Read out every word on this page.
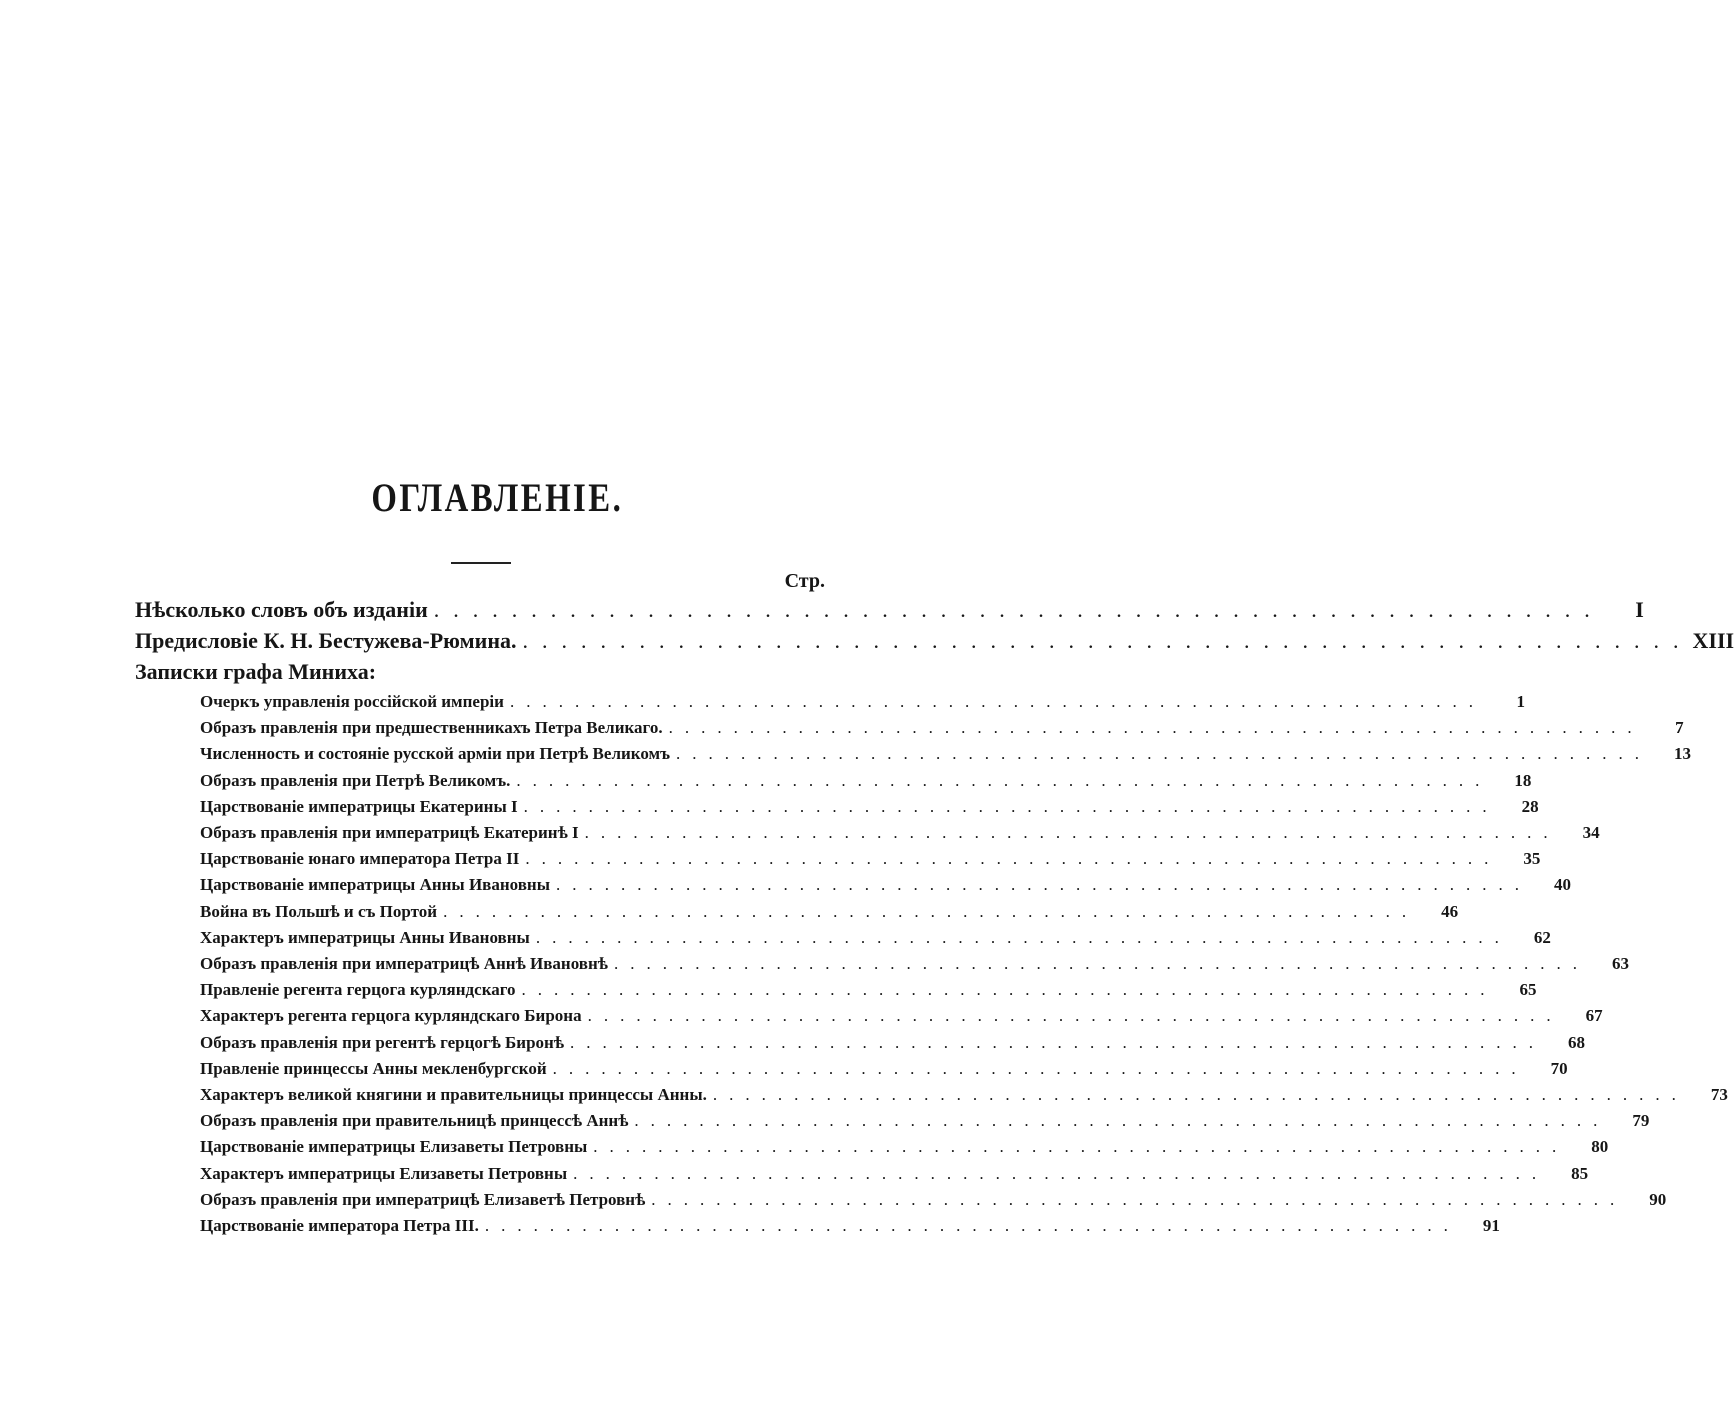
ОГЛАВЛЕНІЕ.
Стр.
Нѣсколько словъ объ изданіи ............................................................	I
Предисловіе К. Н. Бестужева-Рюмина. ............................................................ XIII
Записки графа Миниха:
Очеркъ управленія россійской имперіи ............................................................	1
Образъ правленія при предшественникахъ Петра Великаго. ............................................................	7
Численность и состояніе русской арміи при Петрѣ Великомъ ............................................................	13
Образъ правленія при Петрѣ Великомъ. ............................................................	18
Царствованіе императрицы Екатерины I ............................................................	28
Образъ правленія при императрицѣ Екатеринѣ I ............................................................	34
Царствованіе юнаго императора Петра II ............................................................	35
Царствованіе императрицы Анны Ивановны ............................................................	40
Война въ Польшѣ и съ Портой ............................................................	46
Характеръ императрицы Анны Ивановны ............................................................	62
Образъ правленія при императрицѣ Аннѣ Ивановнѣ ............................................................	63
Правленіе регента герцога курляндскаго ............................................................	65
Характеръ регента герцога курляндскаго Бирона ............................................................	67
Образъ правленія при регентѣ герцогѣ Биронѣ ............................................................	68
Правленіе принцессы Анны мекленбургской ............................................................	70
Характеръ великой княгини и правительницы принцессы Анны. ............................................................	73
Образъ правленія при правительницѣ принцессѣ Аннѣ ............................................................	79
Царствованіе императрицы Елизаветы Петровны ............................................................	80
Характеръ императрицы Елизаветы Петровны ............................................................	85
Образъ правленія при императрицѣ Елизаветѣ Петровнѣ ............................................................	90
Царствованіе императора Петра III. ............................................................	91
